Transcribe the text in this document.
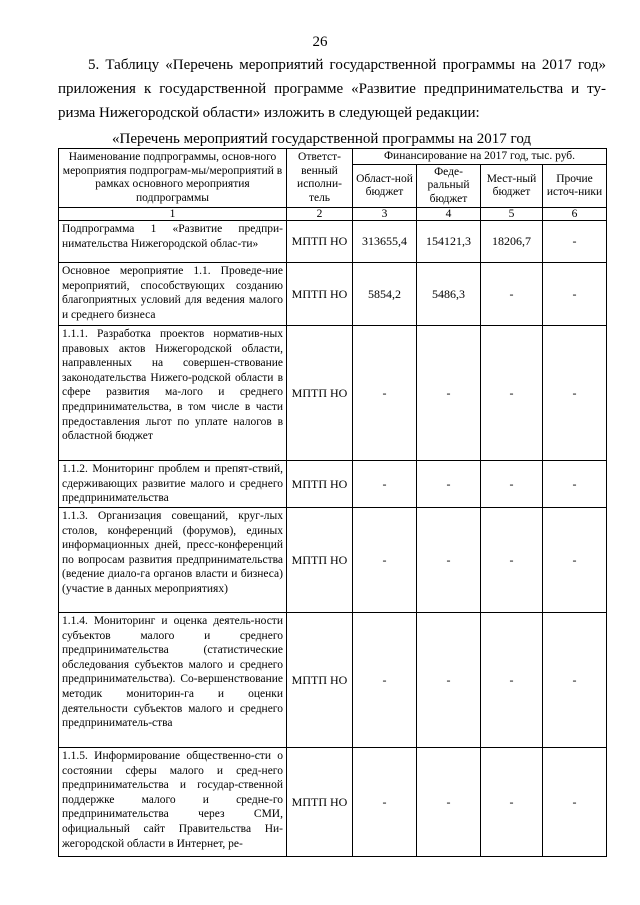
26
5. Таблицу «Перечень мероприятий государственной программы на 2017 год»
приложения к государственной программе «Развитие предпринимательства и ту-
ризма Нижегородской области» изложить в следующей редакции:
«Перечень мероприятий государственной программы на 2017 год
Наименование подпрограммы, основ-ного мероприятия подпрограм-мы/мероприятий в рамках основного мероприятия подпрограммы	Ответст-венный исполни-тель	Финансирование на 2017 год, тыс. руб.			
		Област-ной бюджет	Феде-ральный бюджет	Мест-ный бюджет	Прочие источ-ники
1	2	3	4	5	6
Подпрограмма 1 «Развитие предпри-нимательства Нижегородской облас-ти»	МПТП НО	313655,4	154121,3	18206,7	-
Основное мероприятие 1.1. Проведе-ние мероприятий, способствующих созданию благоприятных условий для ведения малого и среднего бизнеса	МПТП НО	5854,2	5486,3	-	-
1.1.1. Разработка проектов норматив-ных правовых актов Нижегородской области, направленных на совершен-ствование законодательства Нижего-родской области в сфере развития ма-лого и среднего предпринимательства, в том числе в части предоставления льгот по уплате налогов в областной бюджет	МПТП НО	-	-	-	-
1.1.2. Мониторинг проблем и препят-ствий, сдерживающих развитие малого и среднего предпринимательства	МПТП НО	-	-	-	-
1.1.3. Организация совещаний, круг-лых столов, конференций (форумов), единых информационных дней, пресс-конференций по вопросам развития предпринимательства (ведение диало-га органов власти и бизнеса) (участие в данных мероприятиях)	МПТП НО	-	-	-	-
1.1.4. Мониторинг и оценка деятель-ности субъектов малого и среднего предпринимательства (статистические обследования субъектов малого и среднего предпринимательства). Со-вершенствование методик мониторин-га и оценки деятельности субъектов малого и среднего предприниматель-ства	МПТП НО	-	-	-	-
1.1.5. Информирование общественно-сти о состоянии сферы малого и сред-него предпринимательства и государ-ственной поддержке малого и средне-го предпринимательства через СМИ, официальный сайт Правительства Ни-жегородской области в Интернет, ре-	МПТП НО	-	-	-	-
